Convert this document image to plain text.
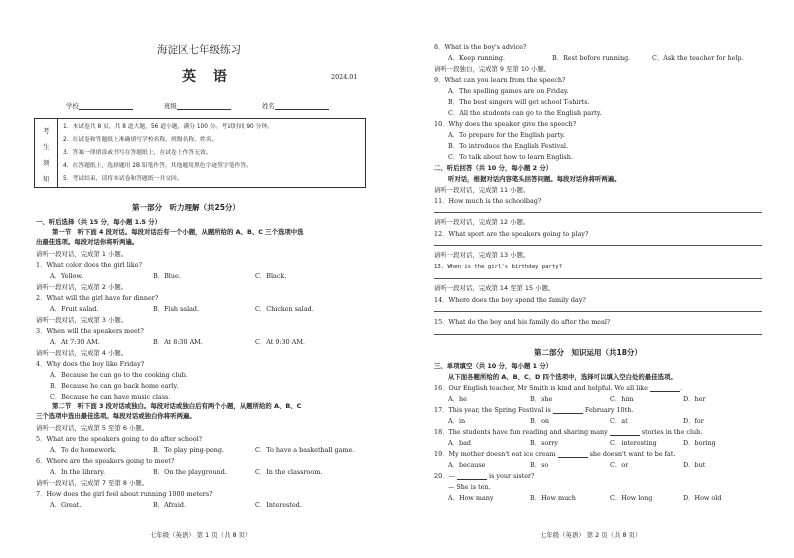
海淀区七年级练习
英 语	2024.01
学校	班级	姓名
考
生
须
知
1．本试卷共 8 页，共 8 道大题，56 道小题，满分 100 分。考试时间 90 分钟。
2．在试卷和答题纸上准确填写学校名称、班级名称、姓名。
3．答案一律填涂或书写在答题纸上，在试卷上作答无效。
4．在答题纸上，选择题用 2B 铅笔作答，其他题用黑色字迹签字笔作答。
5．考试结束，请将本试卷和答题纸一并交回。
第一部分　听力理解（共25分）
一、听后选择（共 15 分，每小题 1.5 分）
第一节　听下面 4 段对话。每段对话后有一个小题，从题所给的 A、B、C 三个选项中选
出最佳选项。每段对话你将听两遍。
请听一段对话，完成第 1 小题。
1．What color does the girl like?
A．Yellow.	B．Blue.	C．Black.
请听一段对话，完成第 2 小题。
2．What will the girl have for dinner?
A．Fruit salad.	B．Fish salad.	C．Chicken salad.
请听一段对话，完成第 3 小题。
3．When will the speakers meet?
A．At 7:30 AM.	B．At 8:30 AM.	C．At 9:30 AM.
请听一段对话，完成第 4 小题。
4．Why does the boy like Friday?
A．Because he can go to the cooking club.
B．Because he can go back home early.
C．Because he can have music class.
第二节　听下面 3 段对话或独白。每段对话或独白后有两个小题，从题所给的 A、B、C
三个选项中选出最佳选项。每段对话或独白你将听两遍。
请听一段对话，完成第 5 至第 6 小题。
5．What are the speakers going to do after school?
A．To do homework.	B．To play ping-pong.	C．To have a basketball game.
6．Where are the speakers going to meet?
A．In the library.	B．On the playground.	C．In the classroom.
请听一段对话，完成第 7 至第 8 小题。
7．How does the girl feel about running 1000 meters?
A．Great.	B．Afraid.	C．Interested.
七年级（英语） 第 1 页（共 8 页）
8．What is the boy's advice?
A．Keep running.	B．Rest before running.	C．Ask the teacher for help.
请听一段独白，完成第 9 至第 10 小题。
9．What can you learn from the speech?
A．The spelling games are on Friday.
B．The best singers will get school T-shirts.
C．All the students can go to the English party.
10．Why does the speaker give the speech?
A．To prepare for the English party.
B．To introduce the English Festival.
C．To talk about how to learn English.
二、听后回答（共 10 分，每小题 2 分）
听对话，根据对话内容笔头回答问题。每段对话你将听两遍。
请听一段对话，完成第 11 小题。
11．How much is the schoolbag?
请听一段对话，完成第 12 小题。
12．What sport are the speakers going to play?
请听一段对话，完成第 13 小题。
13. When is the girl's birthday party?
请听一段对话，完成第 14 至第 15 小题。
14．Where does the boy spend the family day?
15．What do the boy and his family do after the meal?
第二部分　知识运用（共18分）
三、单项填空（共 10 分，每小题 1 分）
从下面各题所给的 A、B、C、D 四个选项中，选择可以填入空白处的最佳选项。
16．Our English teacher, Mr Smith is kind and helpful. We all like	.
A．he	B．she	C．him	D．her
17．This year, the Spring Festival is	February 10th.
A．in	B．on	C．at	D．for
18．The students have fun reading and sharing many	stories in the club.
A．bad	B．sorry	C．interesting	D．boring
19．My mother doesn't eat ice cream	she doesn't want to be fat.
A．because	B．so	C．or	D．but
20．—	is your sister?
— She is ten.
A．How many	B．How much	C．How long	D．How old
七年级（英语） 第 2 页（共 8 页）
